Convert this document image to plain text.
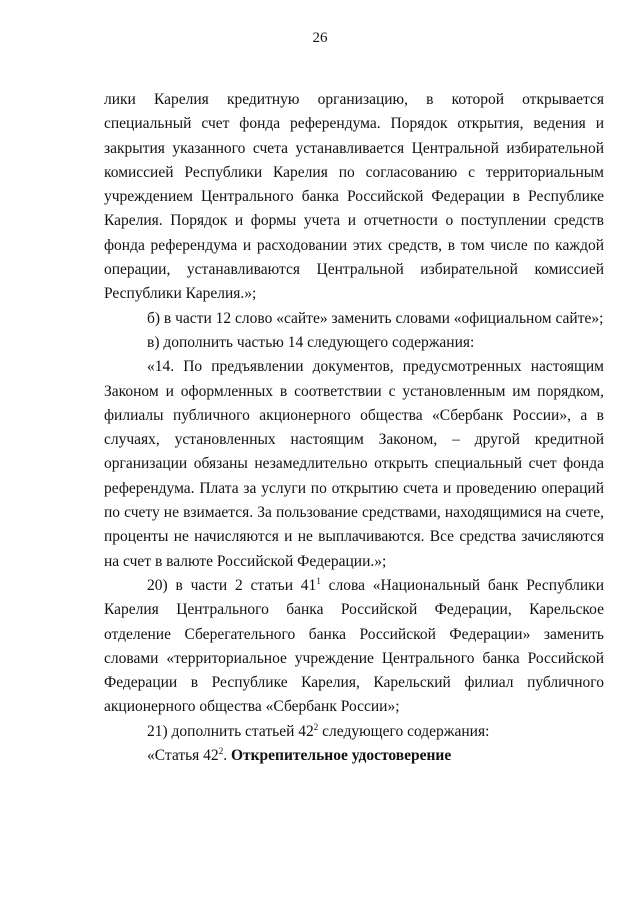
26

лики Карелия кредитную организацию, в которой открывается специальный счет фонда референдума. Порядок открытия, ведения и закрытия указанного счета устанавливается Центральной избирательной комиссией Республики Карелия по согласованию с территориальным учреждением Центрального банка Российской Федерации в Республике Карелия. Порядок и формы учета и отчетности о поступлении средств фонда референдума и расходовании этих средств, в том числе по каждой операции, устанавливаются Центральной избирательной комиссией Республики Карелия.»;

б) в части 12 слово «сайте» заменить словами «официальном сайте»;

в) дополнить частью 14 следующего содержания:

«14. По предъявлении документов, предусмотренных настоящим Законом и оформленных в соответствии с установленным им порядком, филиалы публичного акционерного общества «Сбербанк России», а в случаях, установленных настоящим Законом, – другой кредитной организации обязаны незамедлительно открыть специальный счет фонда референдума. Плата за услуги по открытию счета и проведению операций по счету не взимается. За пользование средствами, находящимися на счете, проценты не начисляются и не выплачиваются. Все средства зачисляются на счет в валюте Российской Федерации.»;

20) в части 2 статьи $41^1$ слова «Национальный банк Республики Карелия Центрального банка Российской Федерации, Карельское отделение Сберегательного банка Российской Федерации» заменить словами «территориальное учреждение Центрального банка Российской Федерации в Республике Карелия, Карельский филиал публичного акционерного общества «Сбербанк России»;

21) дополнить статьей $42^2$ следующего содержания:

«Статья $42^2$. Открепительное удостоверение
